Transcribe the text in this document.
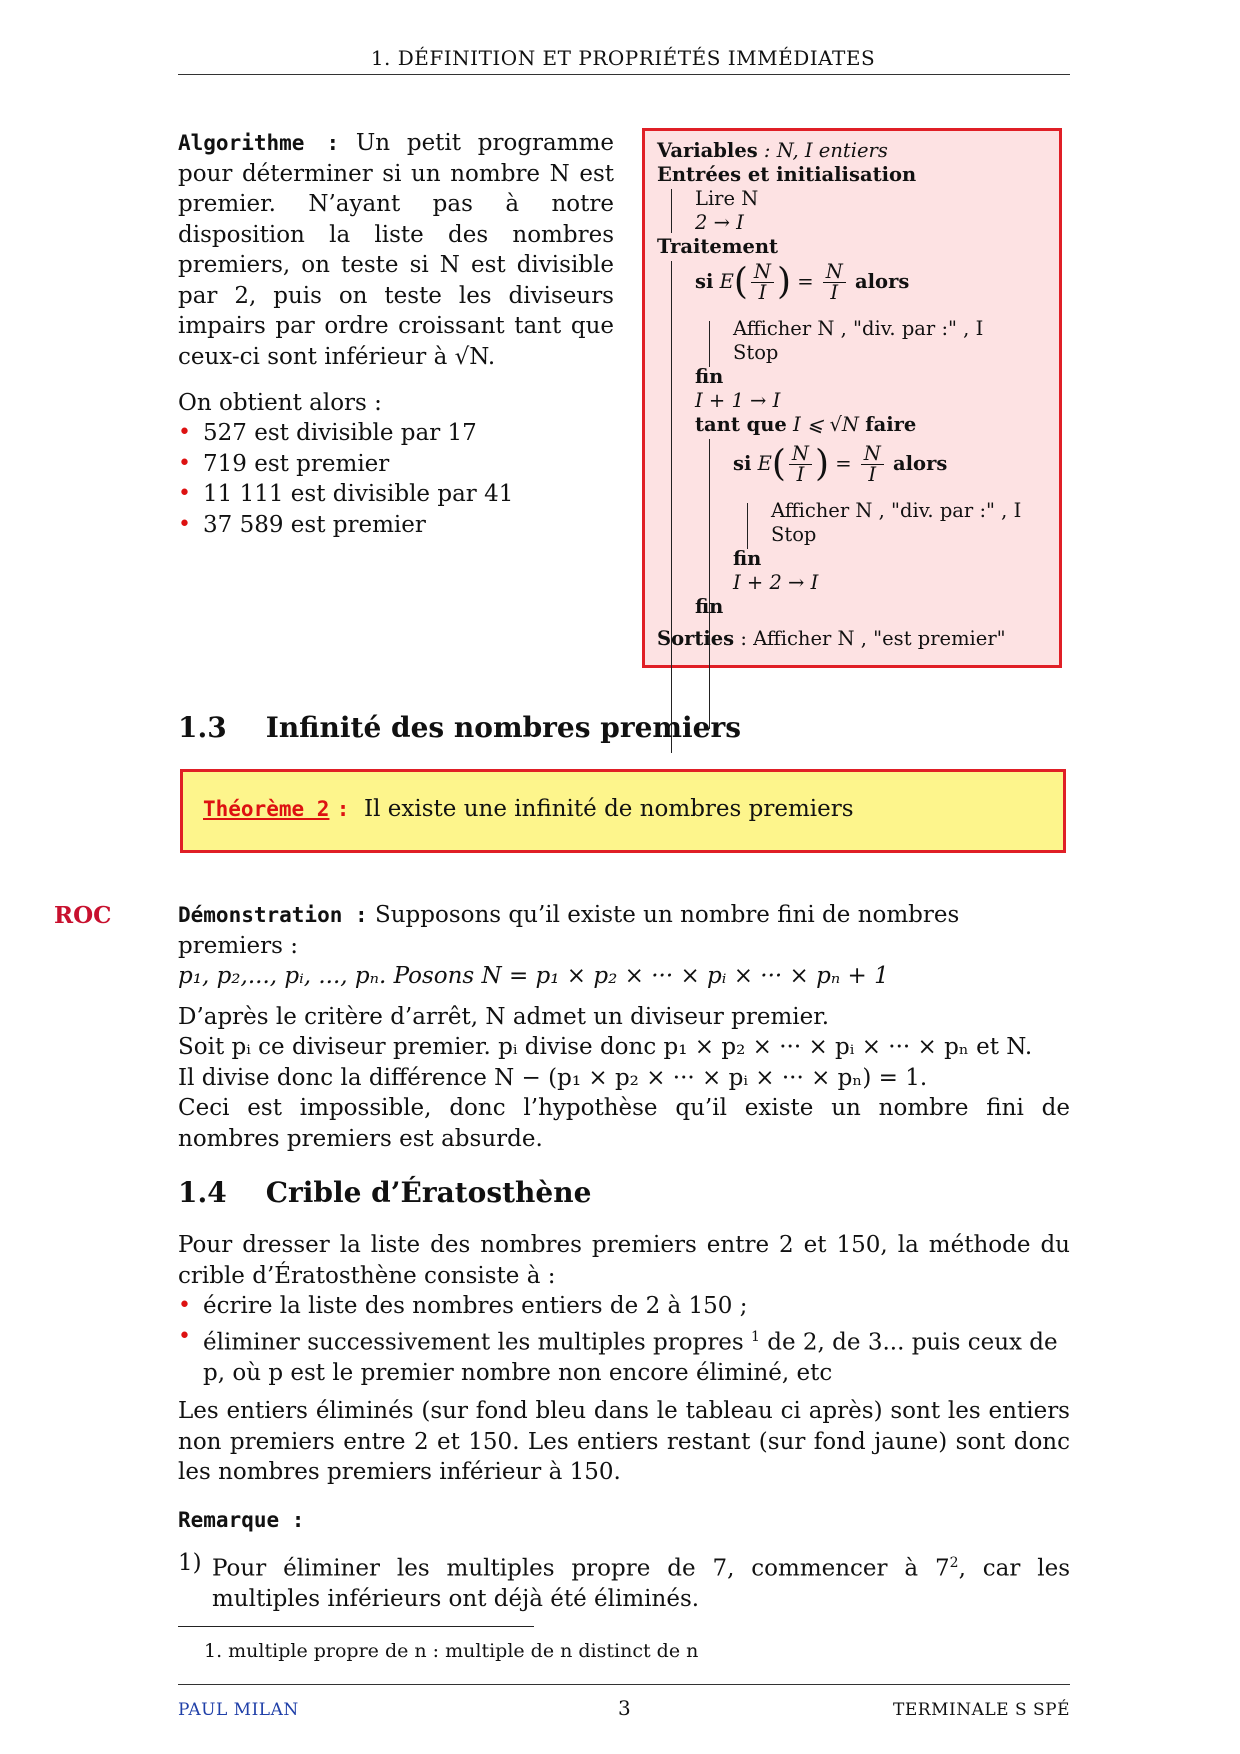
1. DÉFINITION ET PROPRIÉTÉS IMMÉDIATES
Algorithme : Un petit programme pour déterminer si un nombre N est premier. N’ayant pas à notre disposition la liste des nombres premiers, on teste si N est divisible par 2, puis on teste les diviseurs impairs par ordre croissant tant que ceux-ci sont inférieur à √N.
On obtient alors :
• 527 est divisible par 17
• 719 est premier
• 11 111 est divisible par 41
• 37 589 est premier
Variables : N, I entiers
Entrées et initialisation
Lire N
2 → I
Traitement
si $E( \frac{N}{I}$ ) = $\frac{N}{I}$ alors
Afficher N , "div. par :" , I
Stop
fin
I + 1 → I
tant que I ⩽ √N faire
si $E( \frac{N}{I}$ ) = $\frac{N}{I}$ alors
Afficher N , "div. par :" , I
Stop
fin
I + 2 → I
fin
Sorties : Afficher N , "est premier"
1.3 Infinité des nombres premiers
Théorème 2 : Il existe une infinité de nombres premiers
ROC	Démonstration : Supposons qu’il existe un nombre fini de nombres premiers :
p₁, p₂,..., pᵢ, ..., pₙ. Posons N = p₁ × p₂ × ··· × pᵢ × ··· × pₙ + 1
D’après le critère d’arrêt, N admet un diviseur premier.
Soit pᵢ ce diviseur premier. pᵢ divise donc p₁ × p₂ × ··· × pᵢ × ··· × pₙ et N.
Il divise donc la différence N − (p₁ × p₂ × ··· × pᵢ × ··· × pₙ) = 1.
Ceci est impossible, donc l’hypothèse qu’il existe un nombre fini de nombres premiers est absurde.
1.4 Crible d’Ératosthène
Pour dresser la liste des nombres premiers entre 2 et 150, la méthode du crible d’Ératosthène consiste à :
• écrire la liste des nombres entiers de 2 à 150 ;
• éliminer successivement les multiples propres $^1$ de 2, de 3... puis ceux de p, où p est le premier nombre non encore éliminé, etc
Les entiers éliminés (sur fond bleu dans le tableau ci après) sont les entiers non premiers entre 2 et 150. Les entiers restant (sur fond jaune) sont donc les nombres premiers inférieur à 150.
Remarque :
1) Pour éliminer les multiples propre de 7, commencer à $7^2$, car les multiples inférieurs ont déjà été éliminés.
1. multiple propre de n : multiple de n distinct de n
PAUL MILAN	3	TERMINALE S SPÉ
